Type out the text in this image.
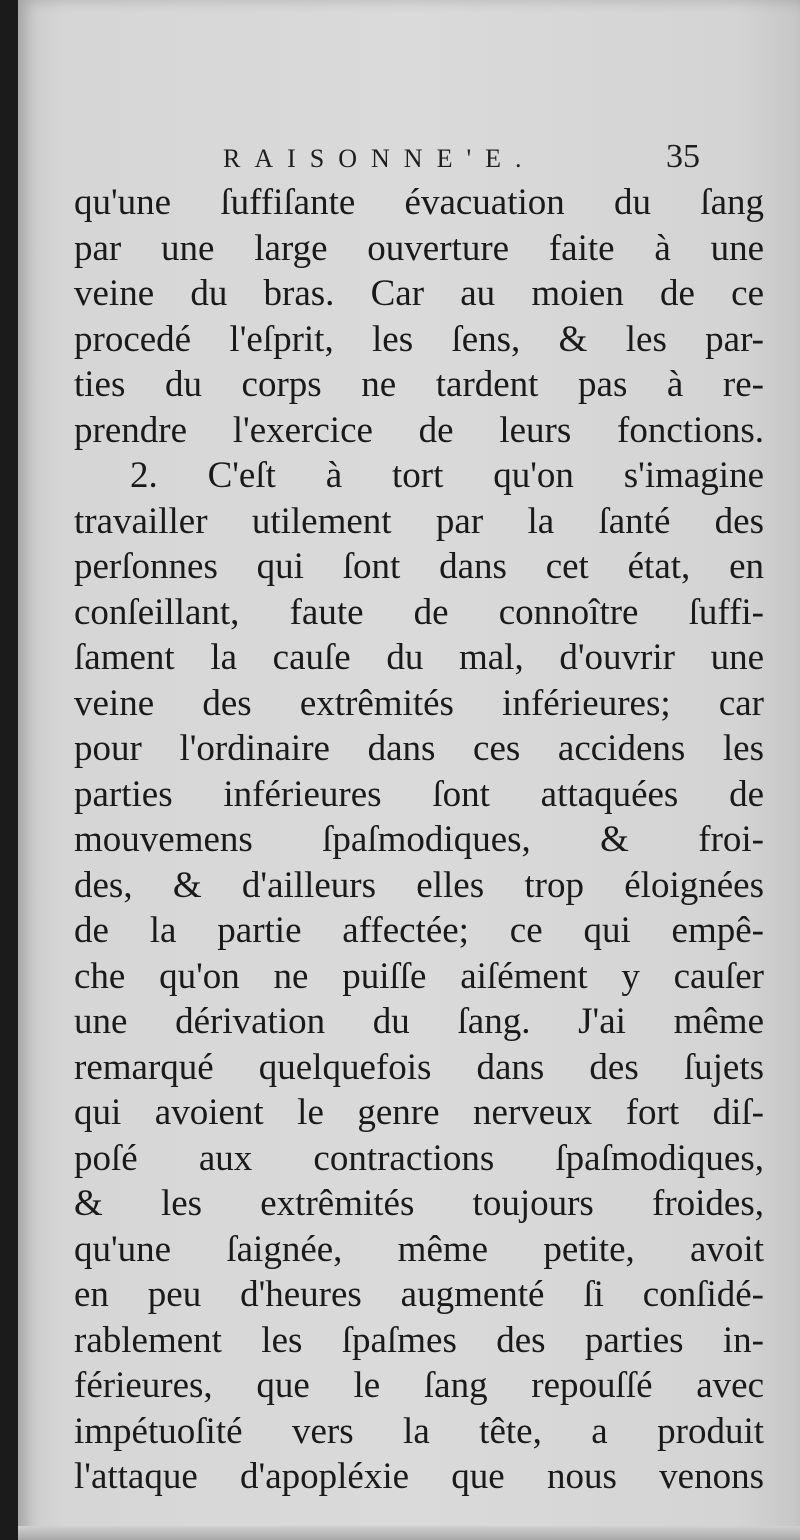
RAISONNE'E.	35
qu'une ſuffiſante évacuation du ſang
par une large ouverture faite à une
veine du bras. Car au moien de ce
procedé l'eſprit, les ſens, & les par-
ties du corps ne tardent pas à re-
prendre l'exercice de leurs fonctions.
2. C'eſt à tort qu'on s'imagine
travailler utilement par la ſanté des
perſonnes qui ſont dans cet état, en
conſeillant, faute de connoître ſuffi-
ſament la cauſe du mal, d'ouvrir une
veine des extrêmités inférieures; car
pour l'ordinaire dans ces accidens les
parties inférieures ſont attaquées de
mouvemens ſpaſmodiques, & froi-
des, & d'ailleurs elles trop éloignées
de la partie affectée; ce qui empê-
che qu'on ne puiſſe aiſément y cauſer
une dérivation du ſang. J'ai même
remarqué quelquefois dans des ſujets
qui avoient le genre nerveux fort diſ-
poſé aux contractions ſpaſmodiques,
& les extrêmités toujours froides,
qu'une ſaignée, même petite, avoit
en peu d'heures augmenté ſi conſidé-
rablement les ſpaſmes des parties in-
férieures, que le ſang repouſſé avec
impétuoſité vers la tête, a produit
l'attaque d'apopléxie que nous venons
